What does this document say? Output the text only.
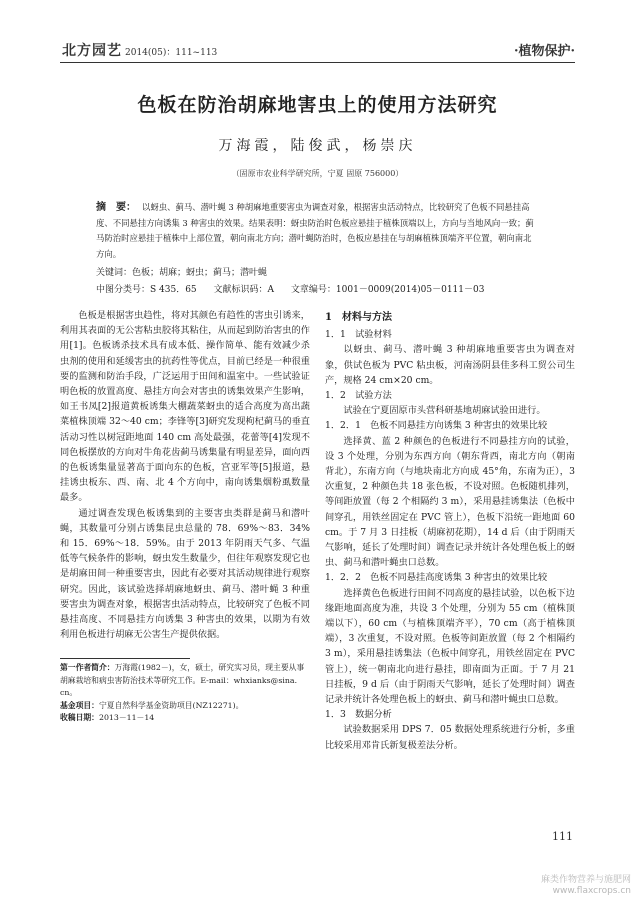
北方园艺 2014(05)：111~113	·植物保护·
色板在防治胡麻地害虫上的使用方法研究
万海霞，陆俊武，杨崇庆
（固原市农业科学研究所，宁夏 固原 756000）
摘　要： 以蚜虫、蓟马、潜叶蝇 3 种胡麻地重要害虫为调查对象，根据害虫活动特点，比较研究了色板不同悬挂高度、不同悬挂方向诱集 3 种害虫的效果。结果表明：蚜虫防治时色板应悬挂于植株顶端以上，方向与当地风向一致；蓟马防治时应悬挂于植株中上部位置，朝向南北方向；潜叶蝇防治时，色板应悬挂在与胡麻植株顶端齐平位置，朝向南北方向。
关键词：色板；胡麻；蚜虫；蓟马；潜叶蝇
中图分类号：S 435．65 文献标识码：A 文章编号：1001－0009(2014)05－0111－03

色板是根据害虫趋性，将对其颜色有趋性的害虫引诱来，利用其表面的无公害粘虫胶将其粘住，从而起到防治害虫的作用[1]。色板诱杀技术具有成本低、操作简单、能有效减少杀虫剂的使用和延缓害虫的抗药性等优点，目前已经是一种很重要的监测和防治手段，广泛运用于田间和温室中。一些试验证明色板的放置高度、悬挂方向会对害虫的诱集效果产生影响，如王书凤[2]报道黄板诱集大棚蔬菜蚜虫的适合高度为高出蔬菜植株顶端 32～40 cm；李锋等[3]研究发现枸杞蓟马的垂直活动习性以树冠距地面 140 cm 高处最强，花蕾等[4]发现不同色板摆放的方向对牛角花齿蓟马诱集量有明显差异，面向西的色板诱集量显著高于面向东的色板，宫亚军等[5]报道，悬挂诱虫板东、西、南、北 4 个方向中，南向诱集烟粉虱数量最多。

通过调查发现色板诱集到的主要害虫类群是蓟马和潜叶蝇，其数量可分别占诱集昆虫总量的 78．69%～83．34%和 15．69%～18．59%。由于 2013 年阴雨天气多、气温低等气候条件的影响，蚜虫发生数量少，但往年观察发现它也是胡麻田间一种重要害虫，因此有必要对其活动规律进行观察研究。因此，该试验选择胡麻地蚜虫、蓟马、潜叶蝇 3 种重要害虫为调查对象，根据害虫活动特点，比较研究了色板不同悬挂高度、不同悬挂方向诱集 3 种害虫的效果，以期为有效利用色板进行胡麻无公害生产提供依据。

1　材料与方法

1．1　试验材料

以蚜虫、蓟马、潜叶蝇 3 种胡麻地重要害虫为调查对象，供试色板为 PVC 粘虫板，河南汤阴县佳多科工贸公司生产，规格 24 cm×20 cm。

1．2　试验方法

试验在宁夏固原市头营科研基地胡麻试验田进行。

1．2．1　色板不同悬挂方向诱集 3 种害虫的效果比较

选择黄、蓝 2 种颜色的色板进行不同悬挂方向的试验，设 3 个处理，分别为东西方向（朝东背西，南北方向（朝南背北），东南方向（与地块南北方向成 45°角，东南为正），3 次重复，2 种颜色共 18 张色板，不设对照。色板随机排列，等间距放置（每 2 个相隔约 3 m），采用悬挂诱集法（色板中间穿孔，用铁丝固定在 PVC 管上），色板下沿统一距地面 60 cm。于 7 月 3 日挂板（胡麻初花期），14 d 后（由于阴雨天气影响，延长了处理时间）调查记录并统计各处理色板上的蚜虫、蓟马和潜叶蝇虫口总数。

1．2．2　色板不同悬挂高度诱集 3 种害虫的效果比较

选择黄色色板进行田间不同高度的悬挂试验，以色板下边缘距地面高度为准，共设 3 个处理，分别为 55 cm（植株顶端以下），60 cm（与植株顶端齐平），70 cm（高于植株顶端），3 次重复，不设对照。色板等间距放置（每 2 个相隔约 3 m），采用悬挂诱集法（色板中间穿孔，用铁丝固定在 PVC 管上），统一朝南北向进行悬挂，即南面为正面。于 7 月 21 日挂板，9 d 后（由于阴雨天气影响，延长了处理时间）调查记录并统计各处理色板上的蚜虫、蓟马和潜叶蝇虫口总数。

1．3　数据分析

试验数据采用 DPS 7．05 数据处理系统进行分析，多重比较采用邓肯氏新复极差法分析。

第一作者简介：万海霞(1982－)，女，硕士，研究实习员，现主要从事胡麻栽培和病虫害防治技术等研究工作。E-mail：whxianks@sina．cn。

基金项目：宁夏自然科学基金资助项目(NZ12271)。

收稿日期：2013－11－14

111
麻类作物营养与施肥网
www.flaxcrops.cn
